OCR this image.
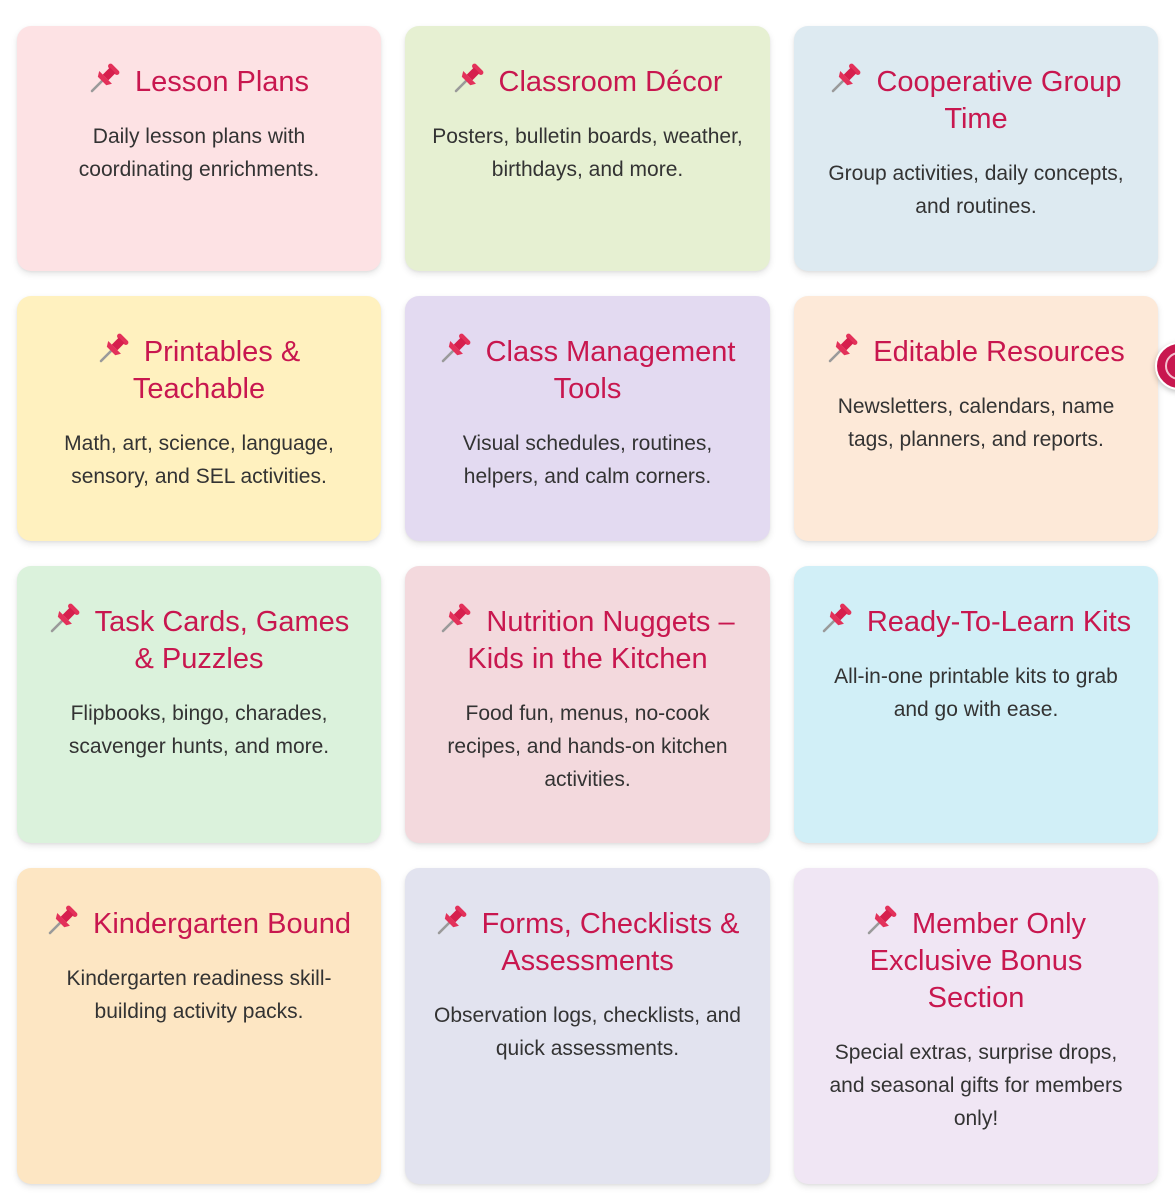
Lesson Plans

Daily lesson plans with coordinating enrichments.

Classroom Décor

Posters, bulletin boards, weather, birthdays, and more.

Cooperative Group Time

Group activities, daily concepts, and routines.

Printables & Teachable

Math, art, science, language, sensory, and SEL activities.

Class Management Tools

Visual schedules, routines, helpers, and calm corners.

Editable Resources

Newsletters, calendars, name tags, planners, and reports.

Task Cards, Games & Puzzles

Flipbooks, bingo, charades, scavenger hunts, and more.

Nutrition Nuggets – Kids in the Kitchen

Food fun, menus, no-cook recipes, and hands-on kitchen activities.

Ready-To-Learn Kits

All-in-one printable kits to grab and go with ease.

Kindergarten Bound

Kindergarten readiness skill-building activity packs.

Forms, Checklists & Assessments

Observation logs, checklists, and quick assessments.

Member Only Exclusive Bonus Section

Special extras, surprise drops, and seasonal gifts for members only!
